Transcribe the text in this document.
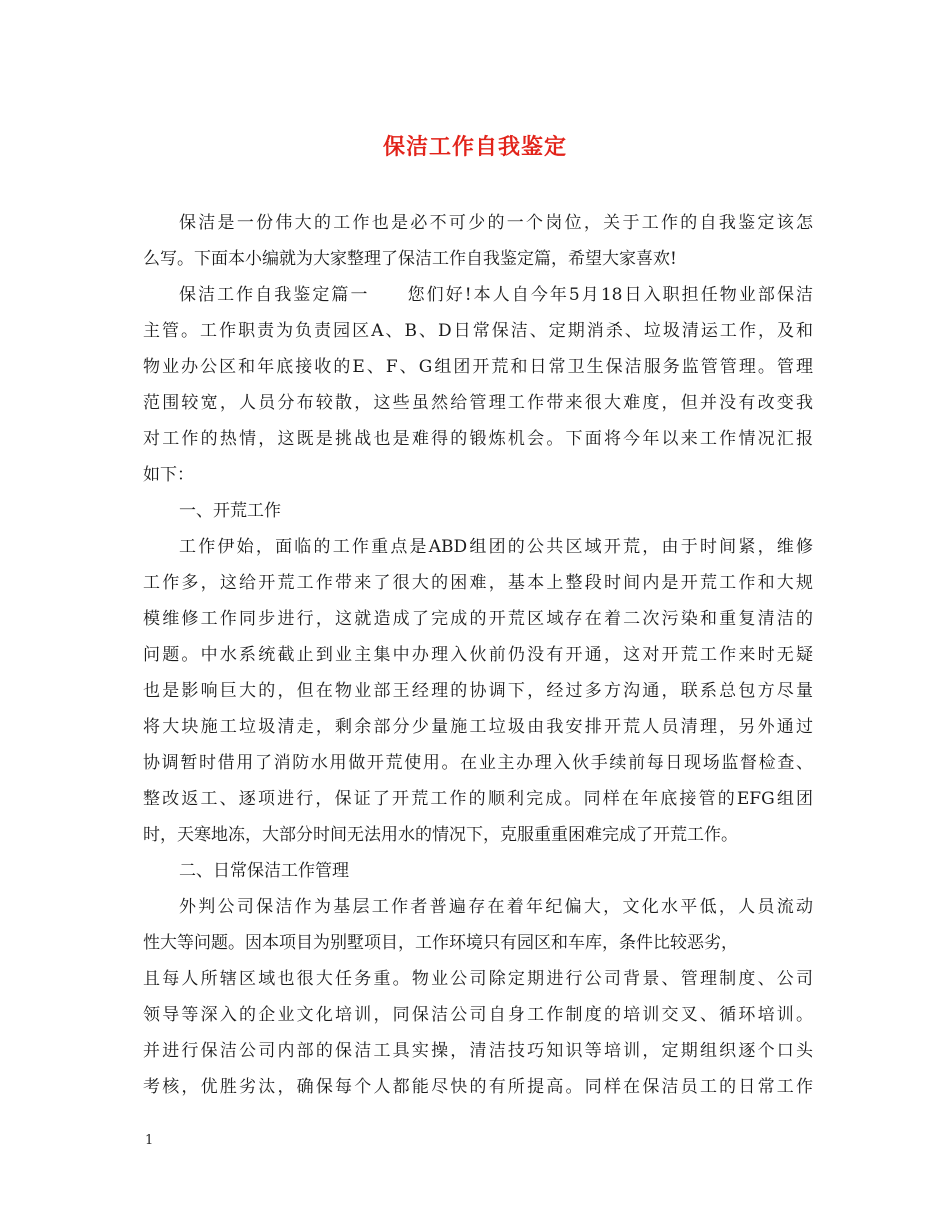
保洁工作自我鉴定
保洁是一份伟大的工作也是必不可少的一个岗位，关于工作的自我鉴定该怎
么写。下面本小编就为大家整理了保洁工作自我鉴定篇，希望大家喜欢!
保洁工作自我鉴定篇一　　您们好!本人自今年5月18日入职担任物业部保洁
主管。工作职责为负责园区A、B、D日常保洁、定期消杀、垃圾清运工作，及和
物业办公区和年底接收的E、F、G组团开荒和日常卫生保洁服务监管管理。管理
范围较宽，人员分布较散，这些虽然给管理工作带来很大难度，但并没有改变我
对工作的热情，这既是挑战也是难得的锻炼机会。下面将今年以来工作情况汇报
如下：
一、开荒工作
工作伊始，面临的工作重点是ABD组团的公共区域开荒，由于时间紧，维修
工作多，这给开荒工作带来了很大的困难，基本上整段时间内是开荒工作和大规
模维修工作同步进行，这就造成了完成的开荒区域存在着二次污染和重复清洁的
问题。中水系统截止到业主集中办理入伙前仍没有开通，这对开荒工作来时无疑
也是影响巨大的，但在物业部王经理的协调下，经过多方沟通，联系总包方尽量
将大块施工垃圾清走，剩余部分少量施工垃圾由我安排开荒人员清理，另外通过
协调暂时借用了消防水用做开荒使用。在业主办理入伙手续前每日现场监督检查、
整改返工、逐项进行，保证了开荒工作的顺利完成。同样在年底接管的EFG组团
时，天寒地冻，大部分时间无法用水的情况下，克服重重困难完成了开荒工作。
二、日常保洁工作管理
外判公司保洁作为基层工作者普遍存在着年纪偏大，文化水平低，人员流动
性大等问题。因本项目为别墅项目，工作环境只有园区和车库，条件比较恶劣，
且每人所辖区域也很大任务重。物业公司除定期进行公司背景、管理制度、公司
领导等深入的企业文化培训，同保洁公司自身工作制度的培训交叉、循环培训。
并进行保洁公司内部的保洁工具实操，清洁技巧知识等培训，定期组织逐个口头
考核，优胜劣汰，确保每个人都能尽快的有所提高。同样在保洁员工的日常工作
1
